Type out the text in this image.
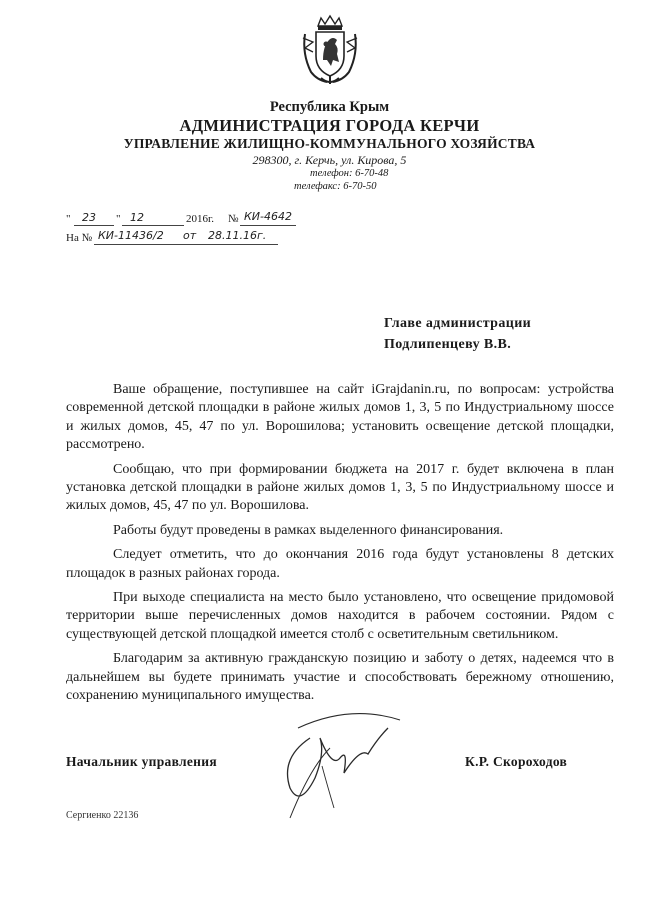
Республика Крым
АДМИНИСТРАЦИЯ ГОРОДА КЕРЧИ
УПРАВЛЕНИЕ ЖИЛИЩНО-КОММУНАЛЬНОГО ХОЗЯЙСТВА
298300, г. Керчь, ул. Кирова, 5
телефон: 6-70-48
телефакс: 6-70-50
" 23 " 12	2016г. № КИ-4642
На № КИ-11436/2 от 28.11.16г.
Главе администрации
Подлипенцеву В.В.

Ваше обращение, поступившее на сайт iGrajdanin.ru, по вопросам: устройства современной детской площадки в районе жилых домов 1, 3, 5 по Индустриальному шоссе и жилых домов, 45, 47 по ул. Ворошилова; установить освещение детской площадки, рассмотрено.

Сообщаю, что при формировании бюджета на 2017 г. будет включена в план установка детской площадки в районе жилых домов 1, 3, 5 по Индустриальному шоссе и жилых домов, 45, 47 по ул. Ворошилова.

Работы будут проведены в рамках выделенного финансирования.

Следует отметить, что до окончания 2016 года будут установлены 8 детских площадок в разных районах города.

При выходе специалиста на место было установлено, что освещение придомовой территории выше перечисленных домов находится в рабочем состоянии. Рядом с существующей детской площадкой имеется столб с осветительным светильником.

Благодарим за активную гражданскую позицию и заботу о детях, надеемся что в дальнейшем вы будете принимать участие и способствовать бережному отношению, сохранению муниципального имущества.

Начальник управления	К.Р. Скороходов
Сергиенко 22136
